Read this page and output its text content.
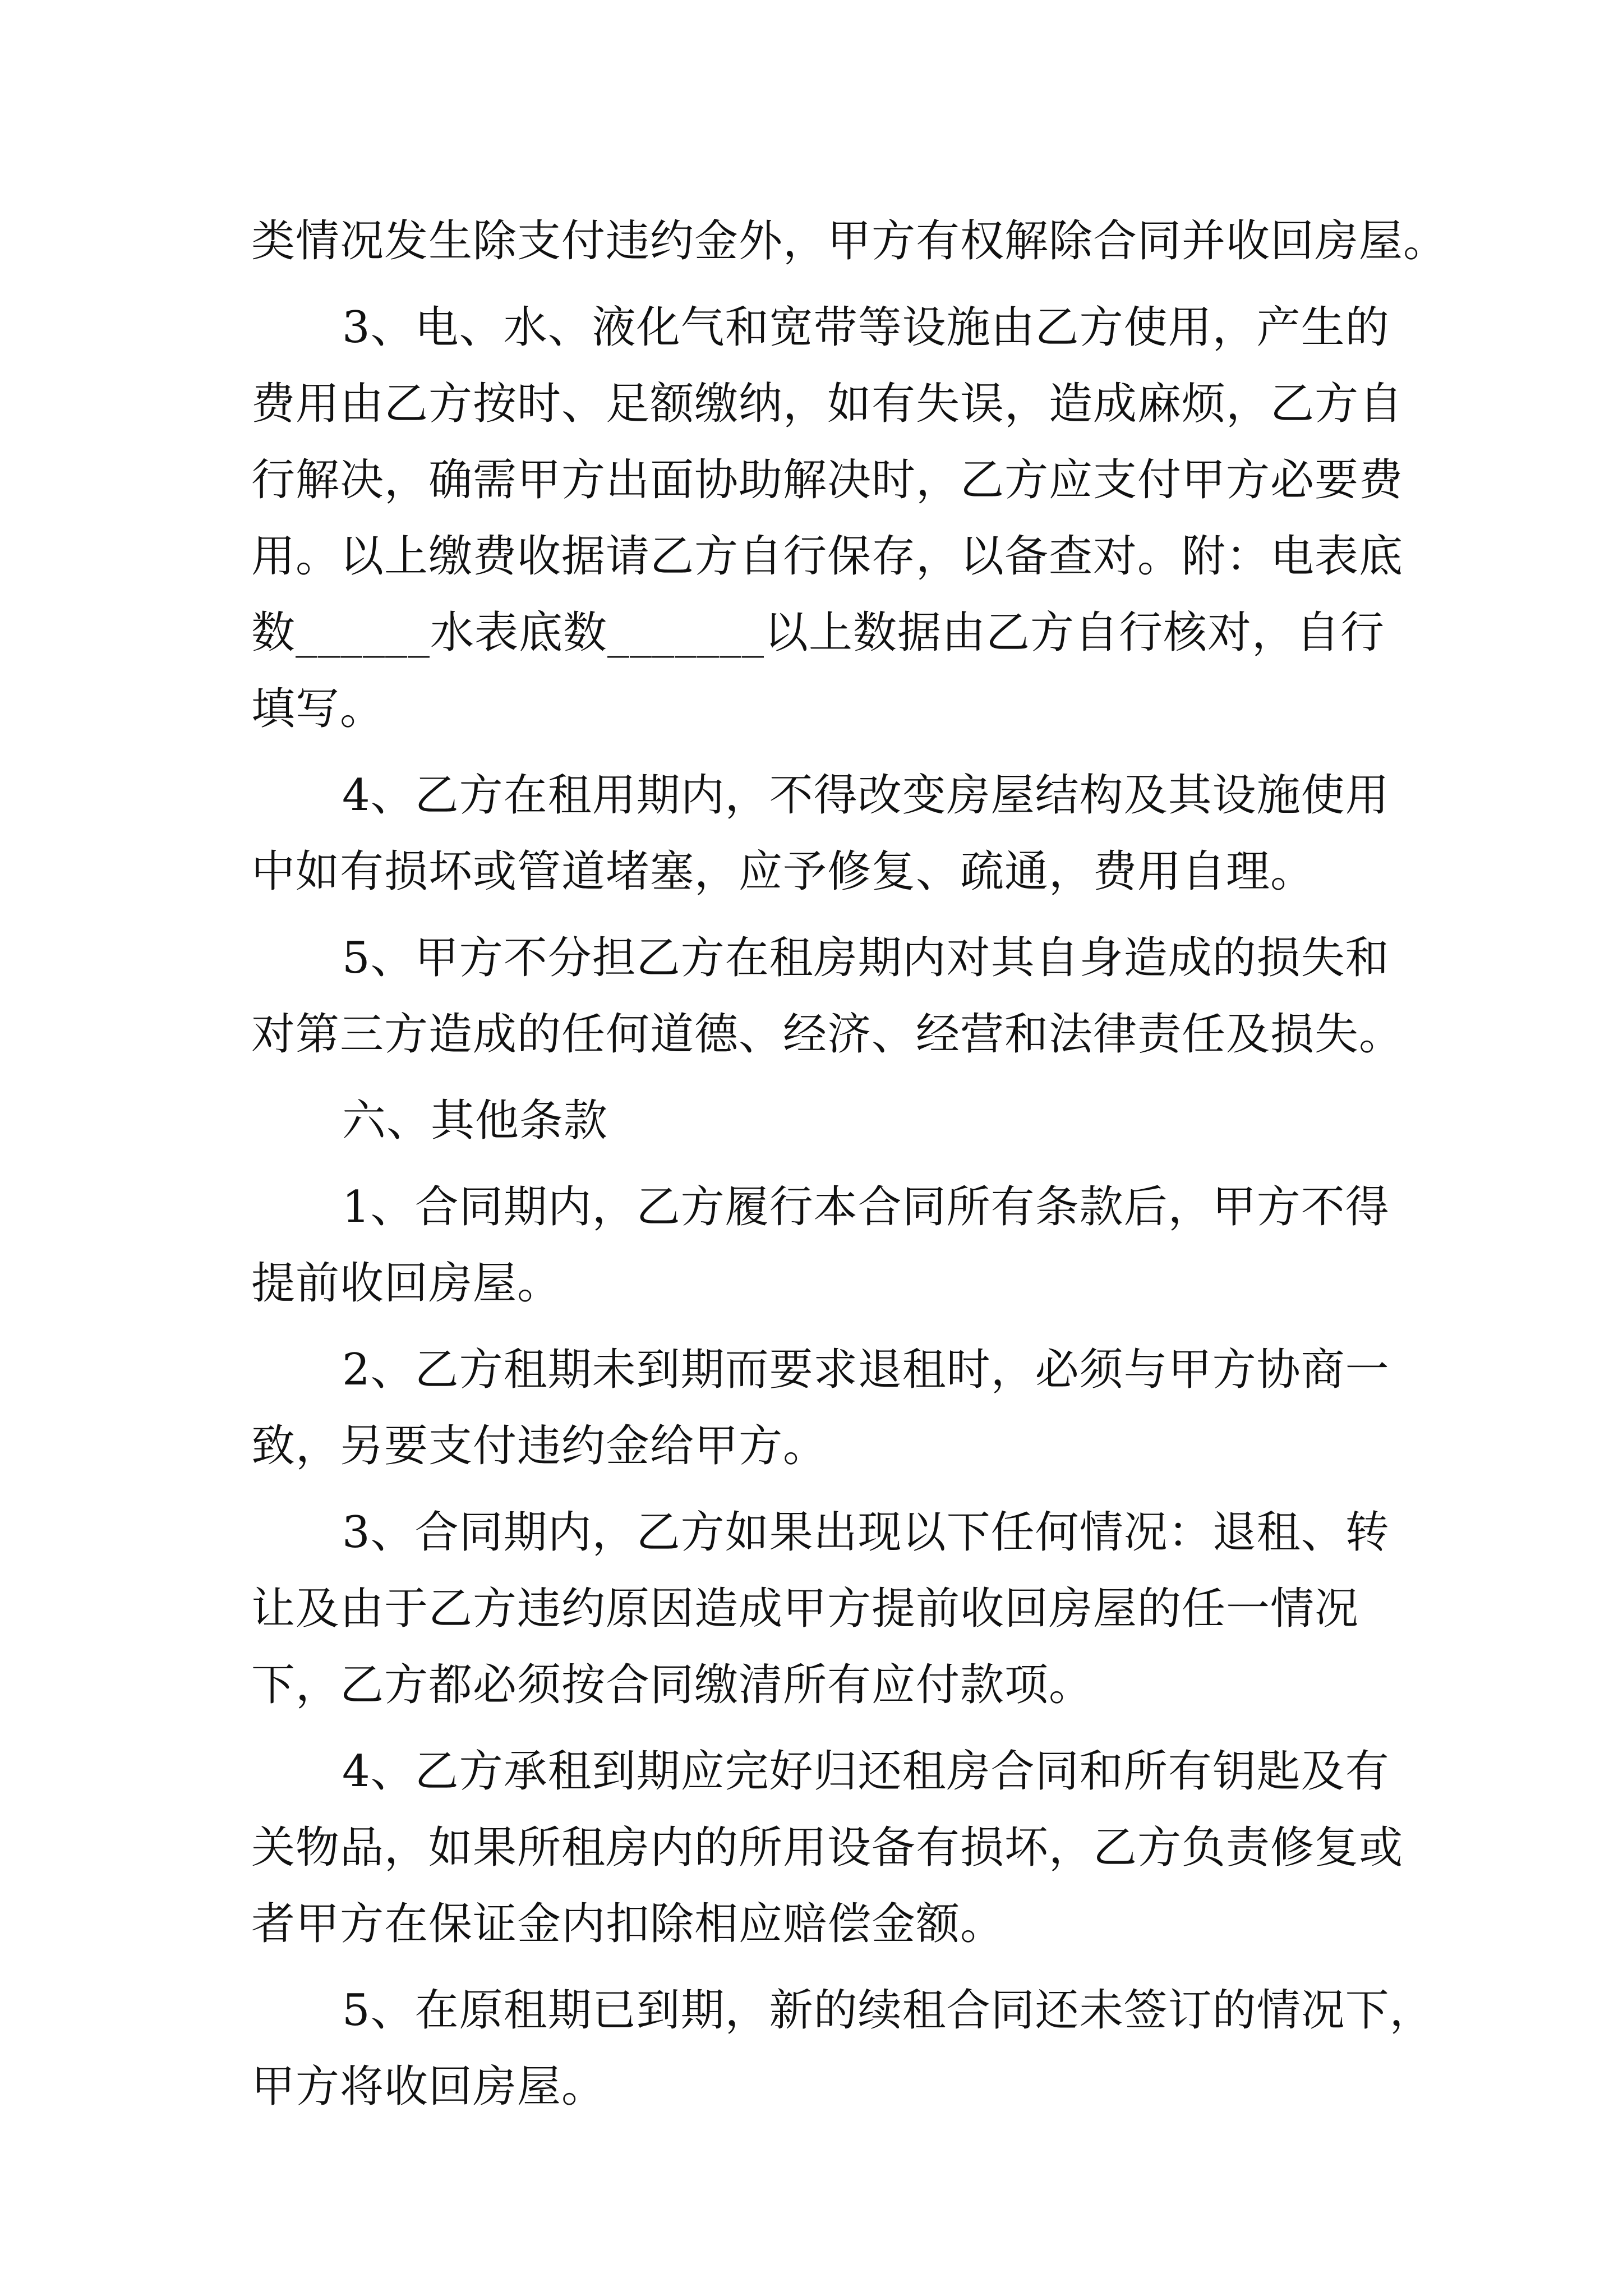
类情况发生除支付违约金外，甲方有权解除合同并收回房屋。
3、电、水、液化气和宽带等设施由乙方使用，产生的
费用由乙方按时、足额缴纳，如有失误，造成麻烦，乙方自
行解决，确需甲方出面协助解决时，乙方应支付甲方必要费
用。以上缴费收据请乙方自行保存，以备查对。附：电表底
数______水表底数_______以上数据由乙方自行核对，自行
填写。
4、乙方在租用期内，不得改变房屋结构及其设施使用
中如有损坏或管道堵塞，应予修复、疏通，费用自理。
5、甲方不分担乙方在租房期内对其自身造成的损失和
对第三方造成的任何道德、经济、经营和法律责任及损失。
六、其他条款
1、合同期内，乙方履行本合同所有条款后，甲方不得
提前收回房屋。
2、乙方租期未到期而要求退租时，必须与甲方协商一
致，另要支付违约金给甲方。
3、合同期内，乙方如果出现以下任何情况：退租、转
让及由于乙方违约原因造成甲方提前收回房屋的任一情况
下，乙方都必须按合同缴清所有应付款项。
4、乙方承租到期应完好归还租房合同和所有钥匙及有
关物品，如果所租房内的所用设备有损坏，乙方负责修复或
者甲方在保证金内扣除相应赔偿金额。
5、在原租期已到期，新的续租合同还未签订的情况下，
甲方将收回房屋。
